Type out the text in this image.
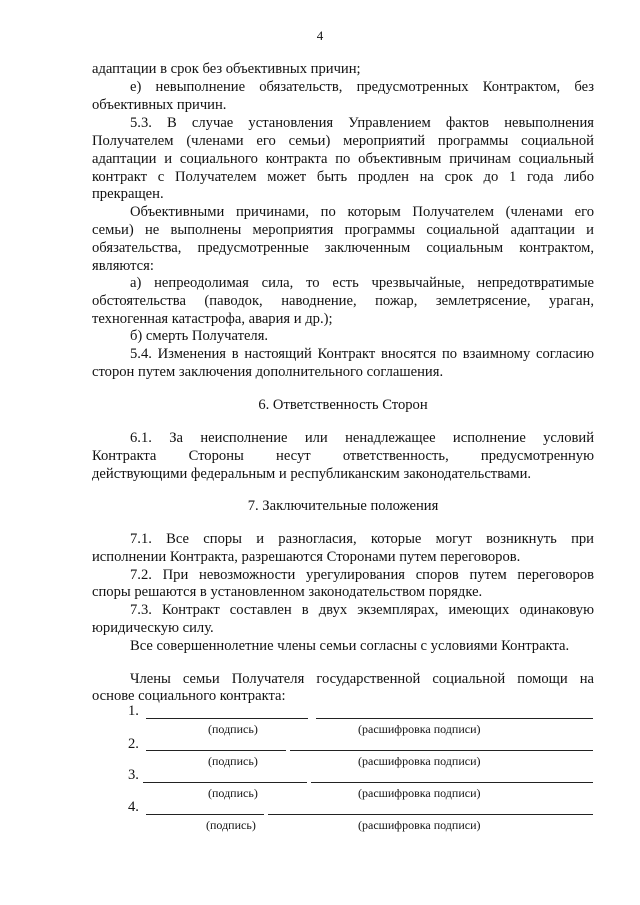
4
адаптации в срок без объективных причин;
е) невыполнение обязательств, предусмотренных Контрактом, без
объективных причин.
5.3. В случае установления Управлением фактов невыполнения
Получателем (членами его семьи) мероприятий программы социальной
адаптации и социального контракта по объективным причинам социальный
контракт с Получателем может быть продлен на срок до 1 года либо
прекращен.
Объективными причинами, по которым Получателем (членами его
семьи) не выполнены мероприятия программы социальной адаптации и
обязательства, предусмотренные заключенным социальным контрактом,
являются:
а) непреодолимая сила, то есть чрезвычайные, непредотвратимые
обстоятельства (паводок, наводнение, пожар, землетрясение, ураган,
техногенная катастрофа, авария и др.);
б) смерть Получателя.
5.4. Изменения в настоящий Контракт вносятся по взаимному согласию
сторон путем заключения дополнительного соглашения.
6. Ответственность Сторон
6.1. За неисполнение или ненадлежащее исполнение условий
Контракта Стороны несут ответственность, предусмотренную
действующими федеральным и республиканским законодательствами.
7. Заключительные положения
7.1. Все споры и разногласия, которые могут возникнуть при
исполнении Контракта, разрешаются Сторонами путем переговоров.
7.2. При невозможности урегулирования споров путем переговоров
споры решаются в установленном законодательством порядке.
7.3. Контракт составлен в двух экземплярах, имеющих одинаковую
юридическую силу.
Все совершеннолетние члены семьи согласны с условиями Контракта.
Члены семьи Получателя государственной социальной помощи на
основе социального контракта:
1.
(подпись)	(расшифровка подписи)
2.
(подпись)	(расшифровка подписи)
3.
(подпись)	(расшифровка подписи)
4.
(подпись)	(расшифровка подписи)
